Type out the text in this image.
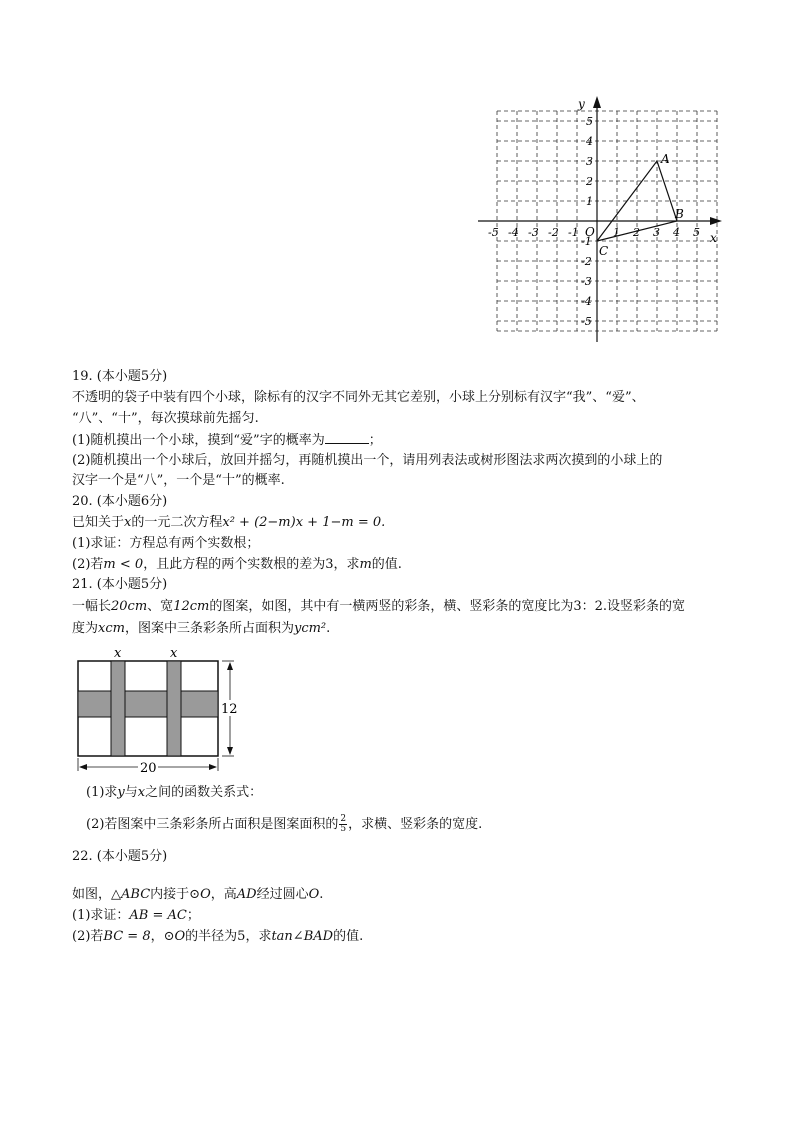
-5 -4 -3 -2 -1	1 2 3 4 5
5
4
3
2
1
-1
-2
-3
-4
-5
y
x
O
A
B
C
19. (本小题5分)
不透明的袋子中装有四个小球，除标有的汉字不同外无其它差别，小球上分别标有汉字“我”、“爱”、
“八”、“十”，每次摸球前先摇匀.
(1)随机摸出一个小球，摸到“爱”字的概率为	；
(2)随机摸出一个小球后，放回并摇匀，再随机摸出一个，请用列表法或树形图法求两次摸到的小球上的
汉字一个是“八”，一个是“十”的概率.
20. (本小题6分)
已知关于x的一元二次方程x² + (2−m)x + 1−m = 0.
(1)求证：方程总有两个实数根；
(2)若m < 0，且此方程的两个实数根的差为3，求m的值.
21. (本小题5分)
一幅长20cm、宽12cm的图案，如图，其中有一横两竖的彩条，横、竖彩条的宽度比为3：2.设竖彩条的宽
度为xcm，图案中三条彩条所占面积为ycm².
x	x
12
20
(1)求y与x之间的函数关系式：
(2)若图案中三条彩条所占面积是图案面积的 $\frac{2}{5}$ ，求横、竖彩条的宽度.
22. (本小题5分)
如图，△ABC内接于⊙O，高AD经过圆心O.
(1)求证：AB = AC；
(2)若BC = 8，⊙O的半径为5，求tan∠BAD的值.
